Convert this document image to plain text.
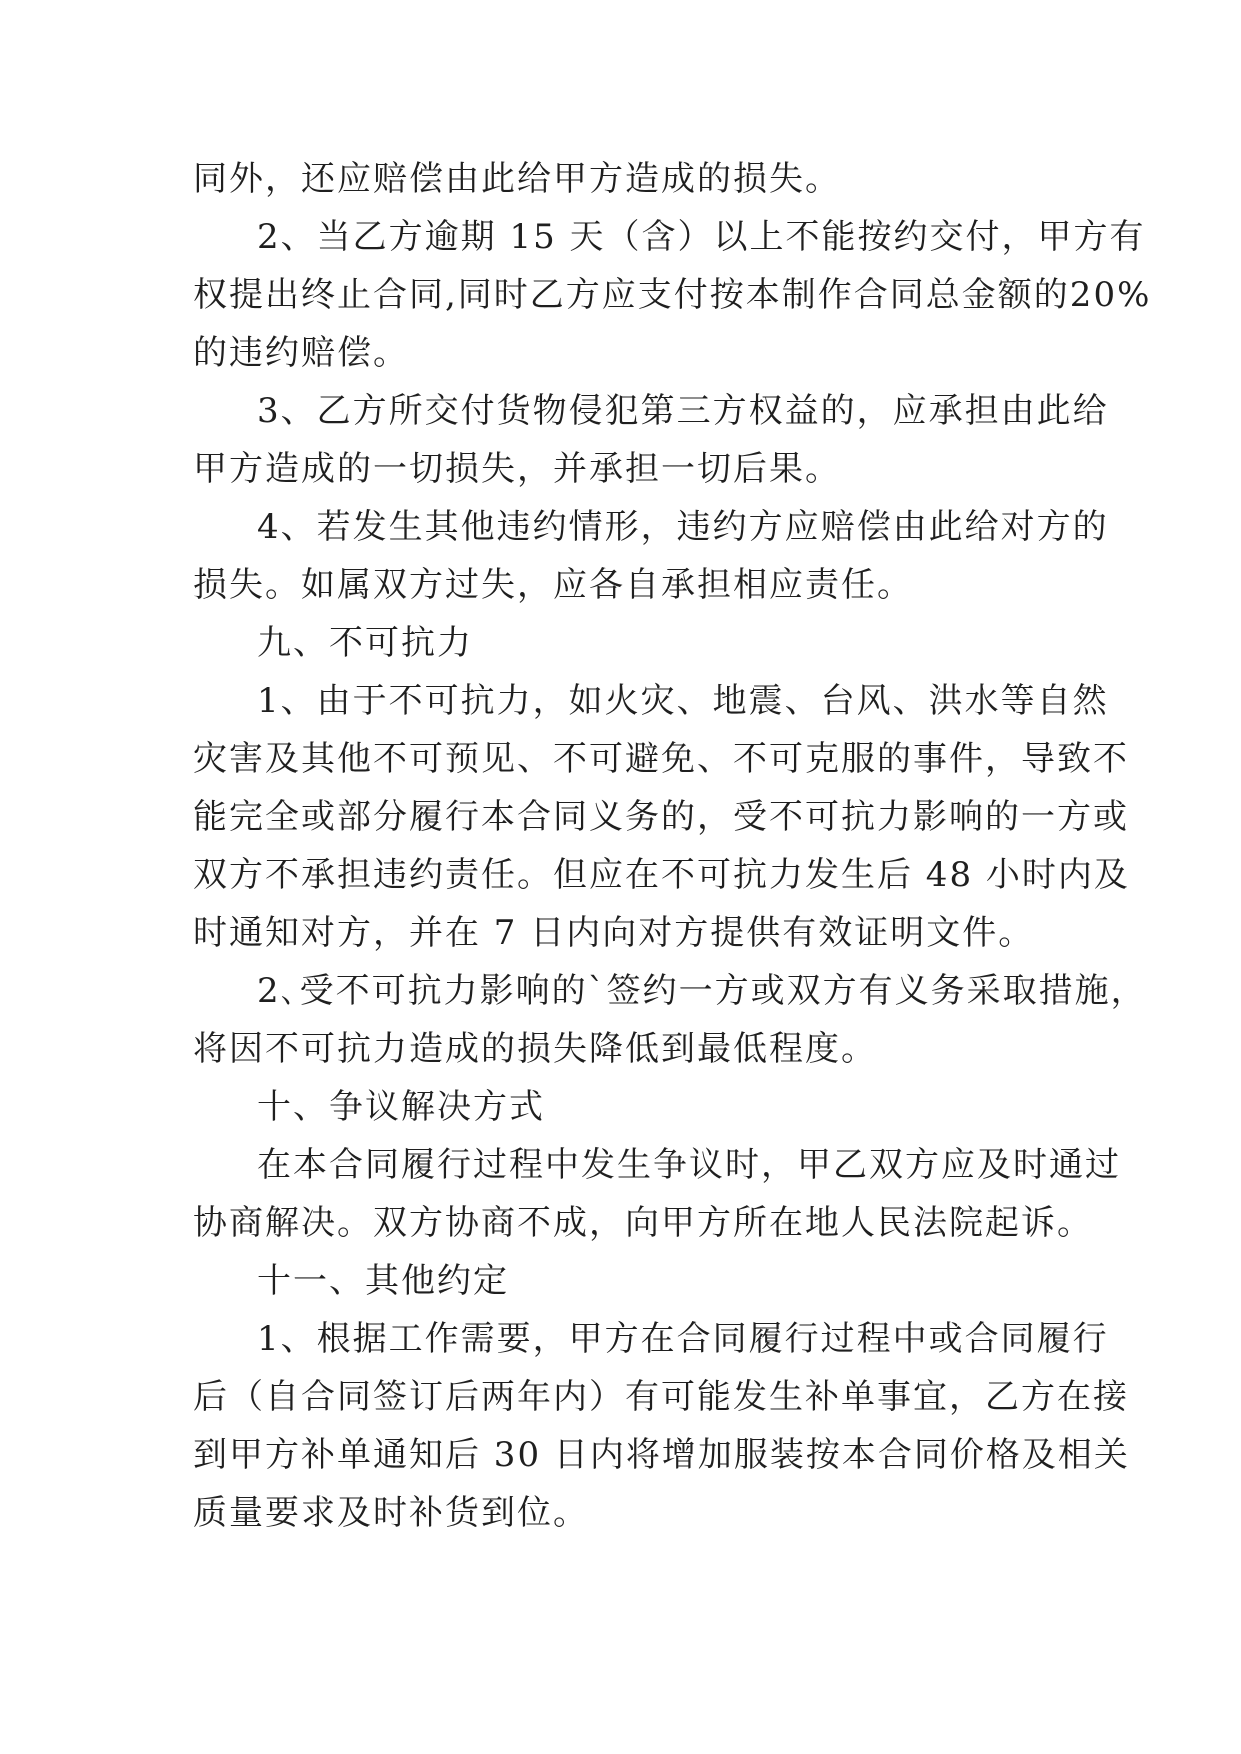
同外，还应赔偿由此给甲方造成的损失。
2、当乙方逾期 15 天（含）以上不能按约交付，甲方有
权提出终止合同,同时乙方应支付按本制作合同总金额的20%
的违约赔偿。
3、乙方所交付货物侵犯第三方权益的，应承担由此给
甲方造成的一切损失，并承担一切后果。
4、若发生其他违约情形，违约方应赔偿由此给对方的
损失。如属双方过失，应各自承担相应责任。
九、不可抗力
1、由于不可抗力，如火灾、地震、台风、洪水等自然
灾害及其他不可预见、不可避免、不可克服的事件，导致不
能完全或部分履行本合同义务的，受不可抗力影响的一方或
双方不承担违约责任。但应在不可抗力发生后 48 小时内及
时通知对方，并在 7 日内向对方提供有效证明文件。
2､受不可抗力影响的`签约一方或双方有义务采取措施，
将因不可抗力造成的损失降低到最低程度。
十、争议解决方式
在本合同履行过程中发生争议时，甲乙双方应及时通过
协商解决。双方协商不成，向甲方所在地人民法院起诉。
十一、其他约定
1、根据工作需要，甲方在合同履行过程中或合同履行
后（自合同签订后两年内）有可能发生补单事宜，乙方在接
到甲方补单通知后 30 日内将增加服装按本合同价格及相关
质量要求及时补货到位。
